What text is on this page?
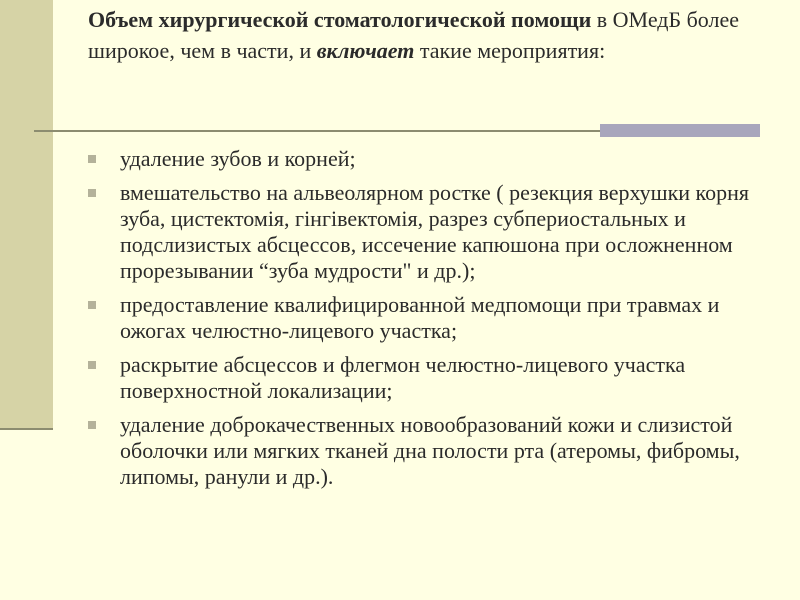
Объем хирургической стоматологической помощи в ОМедБ более широкое, чем в части, и включает такие мероприятия:
удаление зубов и корней;
вмешательство на альвеолярном ростке ( резекция верхушки корня зуба, цистектомія, гінгівектомія, разрез субпериостальных и подслизистых абсцессов, иссечение капюшона при осложненном прорезывании “зуба мудрости" и др.);
предоставление квалифицированной медпомощи при травмах и ожогах челюстно-лицевого участка;
раскрытие абсцессов и флегмон челюстно-лицевого участка поверхностной локализации;
удаление доброкачественных новообразований кожи и слизистой оболочки или мягких тканей дна полости рта (атеромы, фибромы, липомы, ранули и др.).
